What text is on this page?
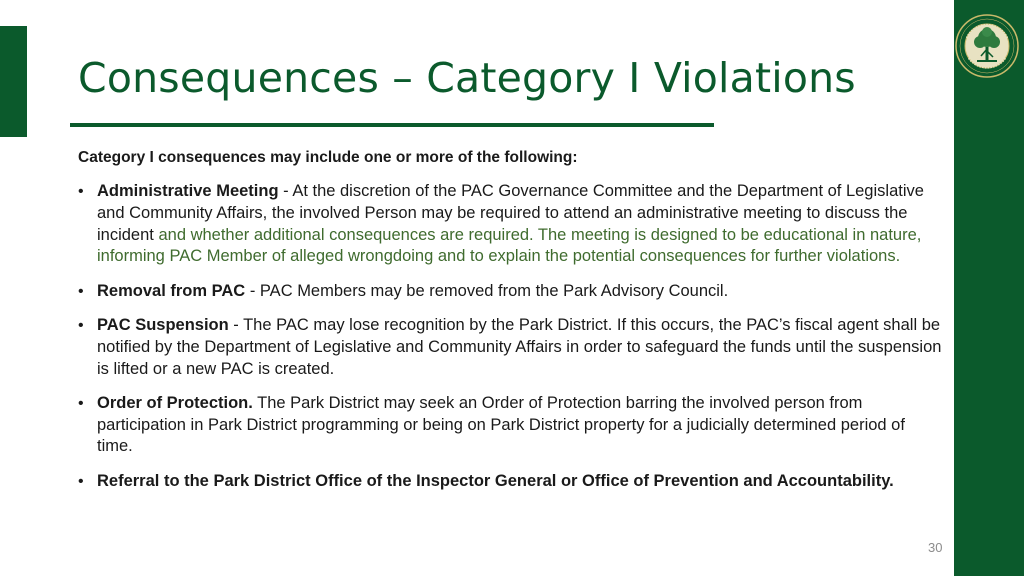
Consequences – Category I Violations

Category I consequences may include one or more of the following:

• Administrative Meeting - At the discretion of the PAC Governance Committee and the Department of Legislative and Community Affairs, the involved Person may be required to attend an administrative meeting to discuss the incident and whether additional consequences are required. The meeting is designed to be educational in nature, informing PAC Member of alleged wrongdoing and to explain the potential consequences for further violations.
• Removal from PAC - PAC Members may be removed from the Park Advisory Council.
• PAC Suspension - The PAC may lose recognition by the Park District. If this occurs, the PAC’s fiscal agent shall be notified by the Department of Legislative and Community Affairs in order to safeguard the funds until the suspension is lifted or a new PAC is created.
• Order of Protection. The Park District may seek an Order of Protection barring the involved person from participation in Park District programming or being on Park District property for a judicially determined period of time.
• Referral to the Park District Office of the Inspector General or Office of Prevention and Accountability.
30
